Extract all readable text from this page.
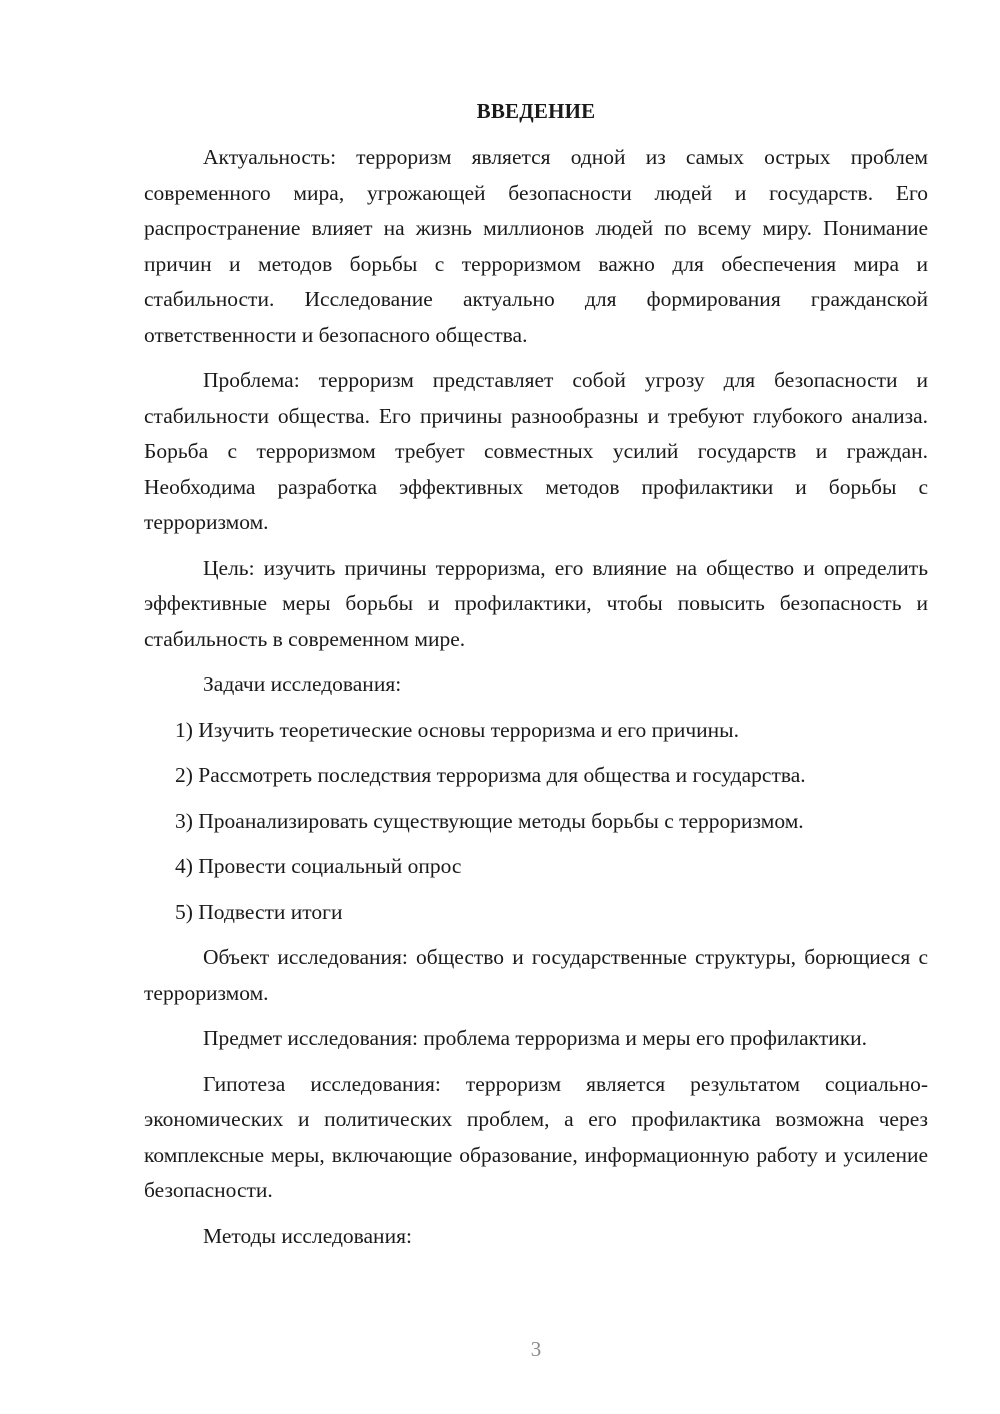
ВВЕДЕНИЕ

Актуальность: терроризм является одной из самых острых проблем современного мира, угрожающей безопасности людей и государств. Его распространение влияет на жизнь миллионов людей по всему миру. Понимание причин и методов борьбы с терроризмом важно для обеспечения мира и стабильности. Исследование актуально для формирования гражданской ответственности и безопасного общества.

Проблема: терроризм представляет собой угрозу для безопасности и стабильности общества. Его причины разнообразны и требуют глубокого анализа. Борьба с терроризмом требует совместных усилий государств и граждан. Необходима разработка эффективных методов профилактики и борьбы с терроризмом.

Цель: изучить причины терроризма, его влияние на общество и определить эффективные меры борьбы и профилактики, чтобы повысить безопасность и стабильность в современном мире.

Задачи исследования:

1) Изучить теоретические основы терроризма и его причины.

2) Рассмотреть последствия терроризма для общества и государства.

3) Проанализировать существующие методы борьбы с терроризмом.

4) Провести социальный опрос

5) Подвести итоги

Объект исследования: общество и государственные структуры, борющиеся с терроризмом.

Предмет исследования: проблема терроризма и меры его профилактики.

Гипотеза исследования: терроризм является результатом социально-экономических и политических проблем, а его профилактика возможна через комплексные меры, включающие образование, информационную работу и усиление безопасности.

Методы исследования:

3
